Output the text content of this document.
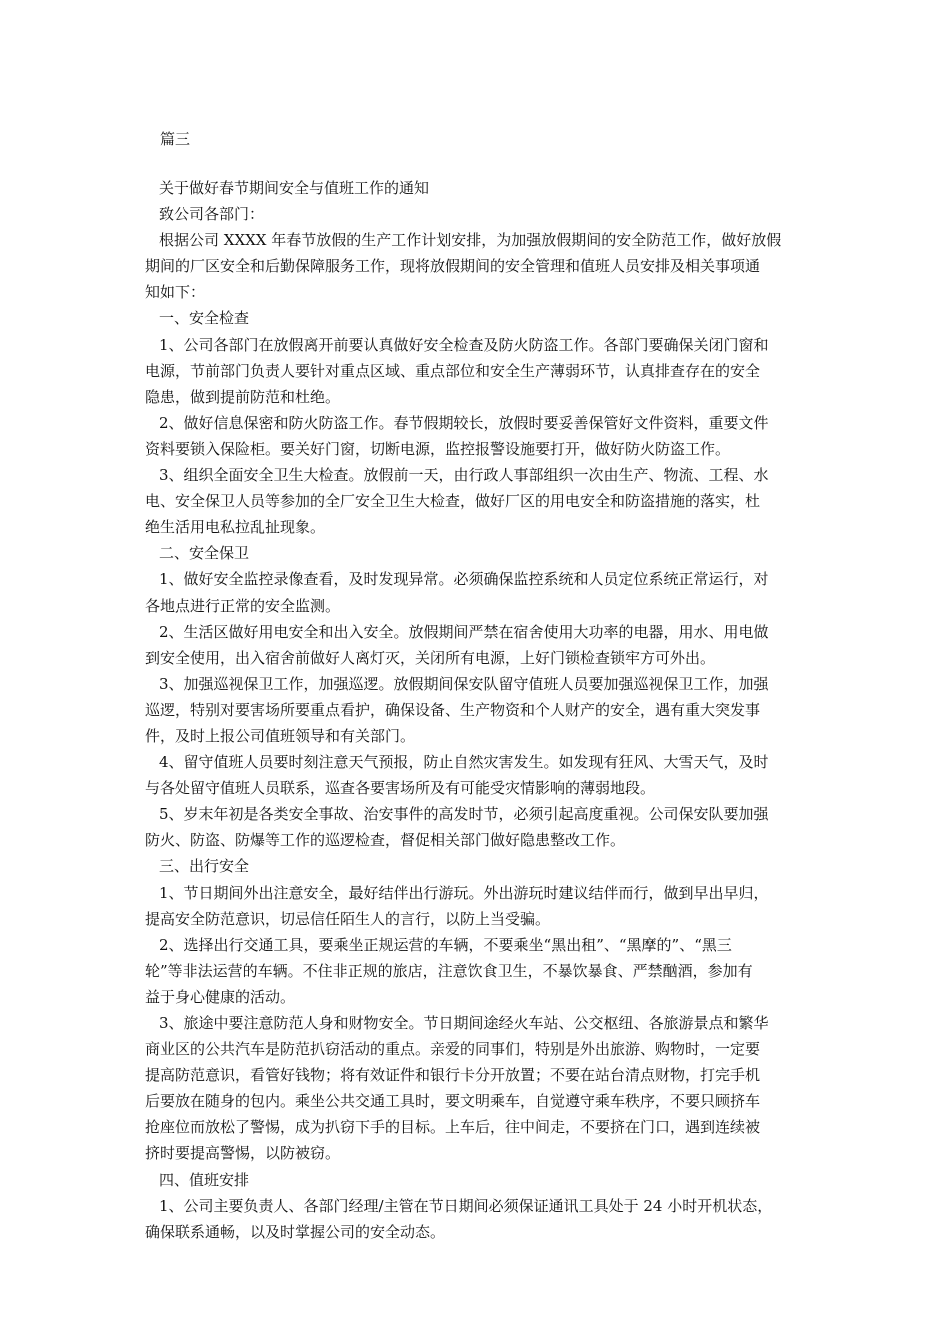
篇三

关于做好春节期间安全与值班工作的通知

致公司各部门：

根据公司 XXXX 年春节放假的生产工作计划安排，为加强放假期间的安全防范工作，做好放假

期间的厂区安全和后勤保障服务工作，现将放假期间的安全管理和值班人员安排及相关事项通

知如下：

一、安全检查

1、公司各部门在放假离开前要认真做好安全检查及防火防盗工作。各部门要确保关闭门窗和

电源，节前部门负责人要针对重点区域、重点部位和安全生产薄弱环节，认真排查存在的安全

隐患，做到提前防范和杜绝。

2、做好信息保密和防火防盗工作。春节假期较长，放假时要妥善保管好文件资料，重要文件

资料要锁入保险柜。要关好门窗，切断电源，监控报警设施要打开，做好防火防盗工作。

3、组织全面安全卫生大检查。放假前一天，由行政人事部组织一次由生产、物流、工程、水

电、安全保卫人员等参加的全厂安全卫生大检查，做好厂区的用电安全和防盗措施的落实，杜

绝生活用电私拉乱扯现象。

二、安全保卫

1、做好安全监控录像查看，及时发现异常。必须确保监控系统和人员定位系统正常运行，对

各地点进行正常的安全监测。

2、生活区做好用电安全和出入安全。放假期间严禁在宿舍使用大功率的电器，用水、用电做

到安全使用，出入宿舍前做好人离灯灭，关闭所有电源，上好门锁检查锁牢方可外出。

3、加强巡视保卫工作，加强巡逻。放假期间保安队留守值班人员要加强巡视保卫工作，加强

巡逻，特别对要害场所要重点看护，确保设备、生产物资和个人财产的安全，遇有重大突发事

件，及时上报公司值班领导和有关部门。

4、留守值班人员要时刻注意天气预报，防止自然灾害发生。如发现有狂风、大雪天气，及时

与各处留守值班人员联系，巡查各要害场所及有可能受灾情影响的薄弱地段。

5、岁末年初是各类安全事故、治安事件的高发时节，必须引起高度重视。公司保安队要加强

防火、防盗、防爆等工作的巡逻检查，督促相关部门做好隐患整改工作。

三、出行安全

1、节日期间外出注意安全，最好结伴出行游玩。外出游玩时建议结伴而行，做到早出早归，

提高安全防范意识，切忌信任陌生人的言行，以防上当受骗。

2、选择出行交通工具，要乘坐正规运营的车辆，不要乘坐“黑出租”、“黑摩的”、“黑三

轮”等非法运营的车辆。不住非正规的旅店，注意饮食卫生，不暴饮暴食、严禁酗酒，参加有

益于身心健康的活动。

3、旅途中要注意防范人身和财物安全。节日期间途经火车站、公交枢纽、各旅游景点和繁华

商业区的公共汽车是防范扒窃活动的重点。亲爱的同事们，特别是外出旅游、购物时，一定要

提高防范意识，看管好钱物；将有效证件和银行卡分开放置；不要在站台清点财物，打完手机

后要放在随身的包内。乘坐公共交通工具时，要文明乘车，自觉遵守乘车秩序，不要只顾挤车

抢座位而放松了警惕，成为扒窃下手的目标。上车后，往中间走，不要挤在门口，遇到连续被

挤时要提高警惕，以防被窃。

四、值班安排

1、公司主要负责人、各部门经理/主管在节日期间必须保证通讯工具处于 24 小时开机状态，

确保联系通畅，以及时掌握公司的安全动态。
